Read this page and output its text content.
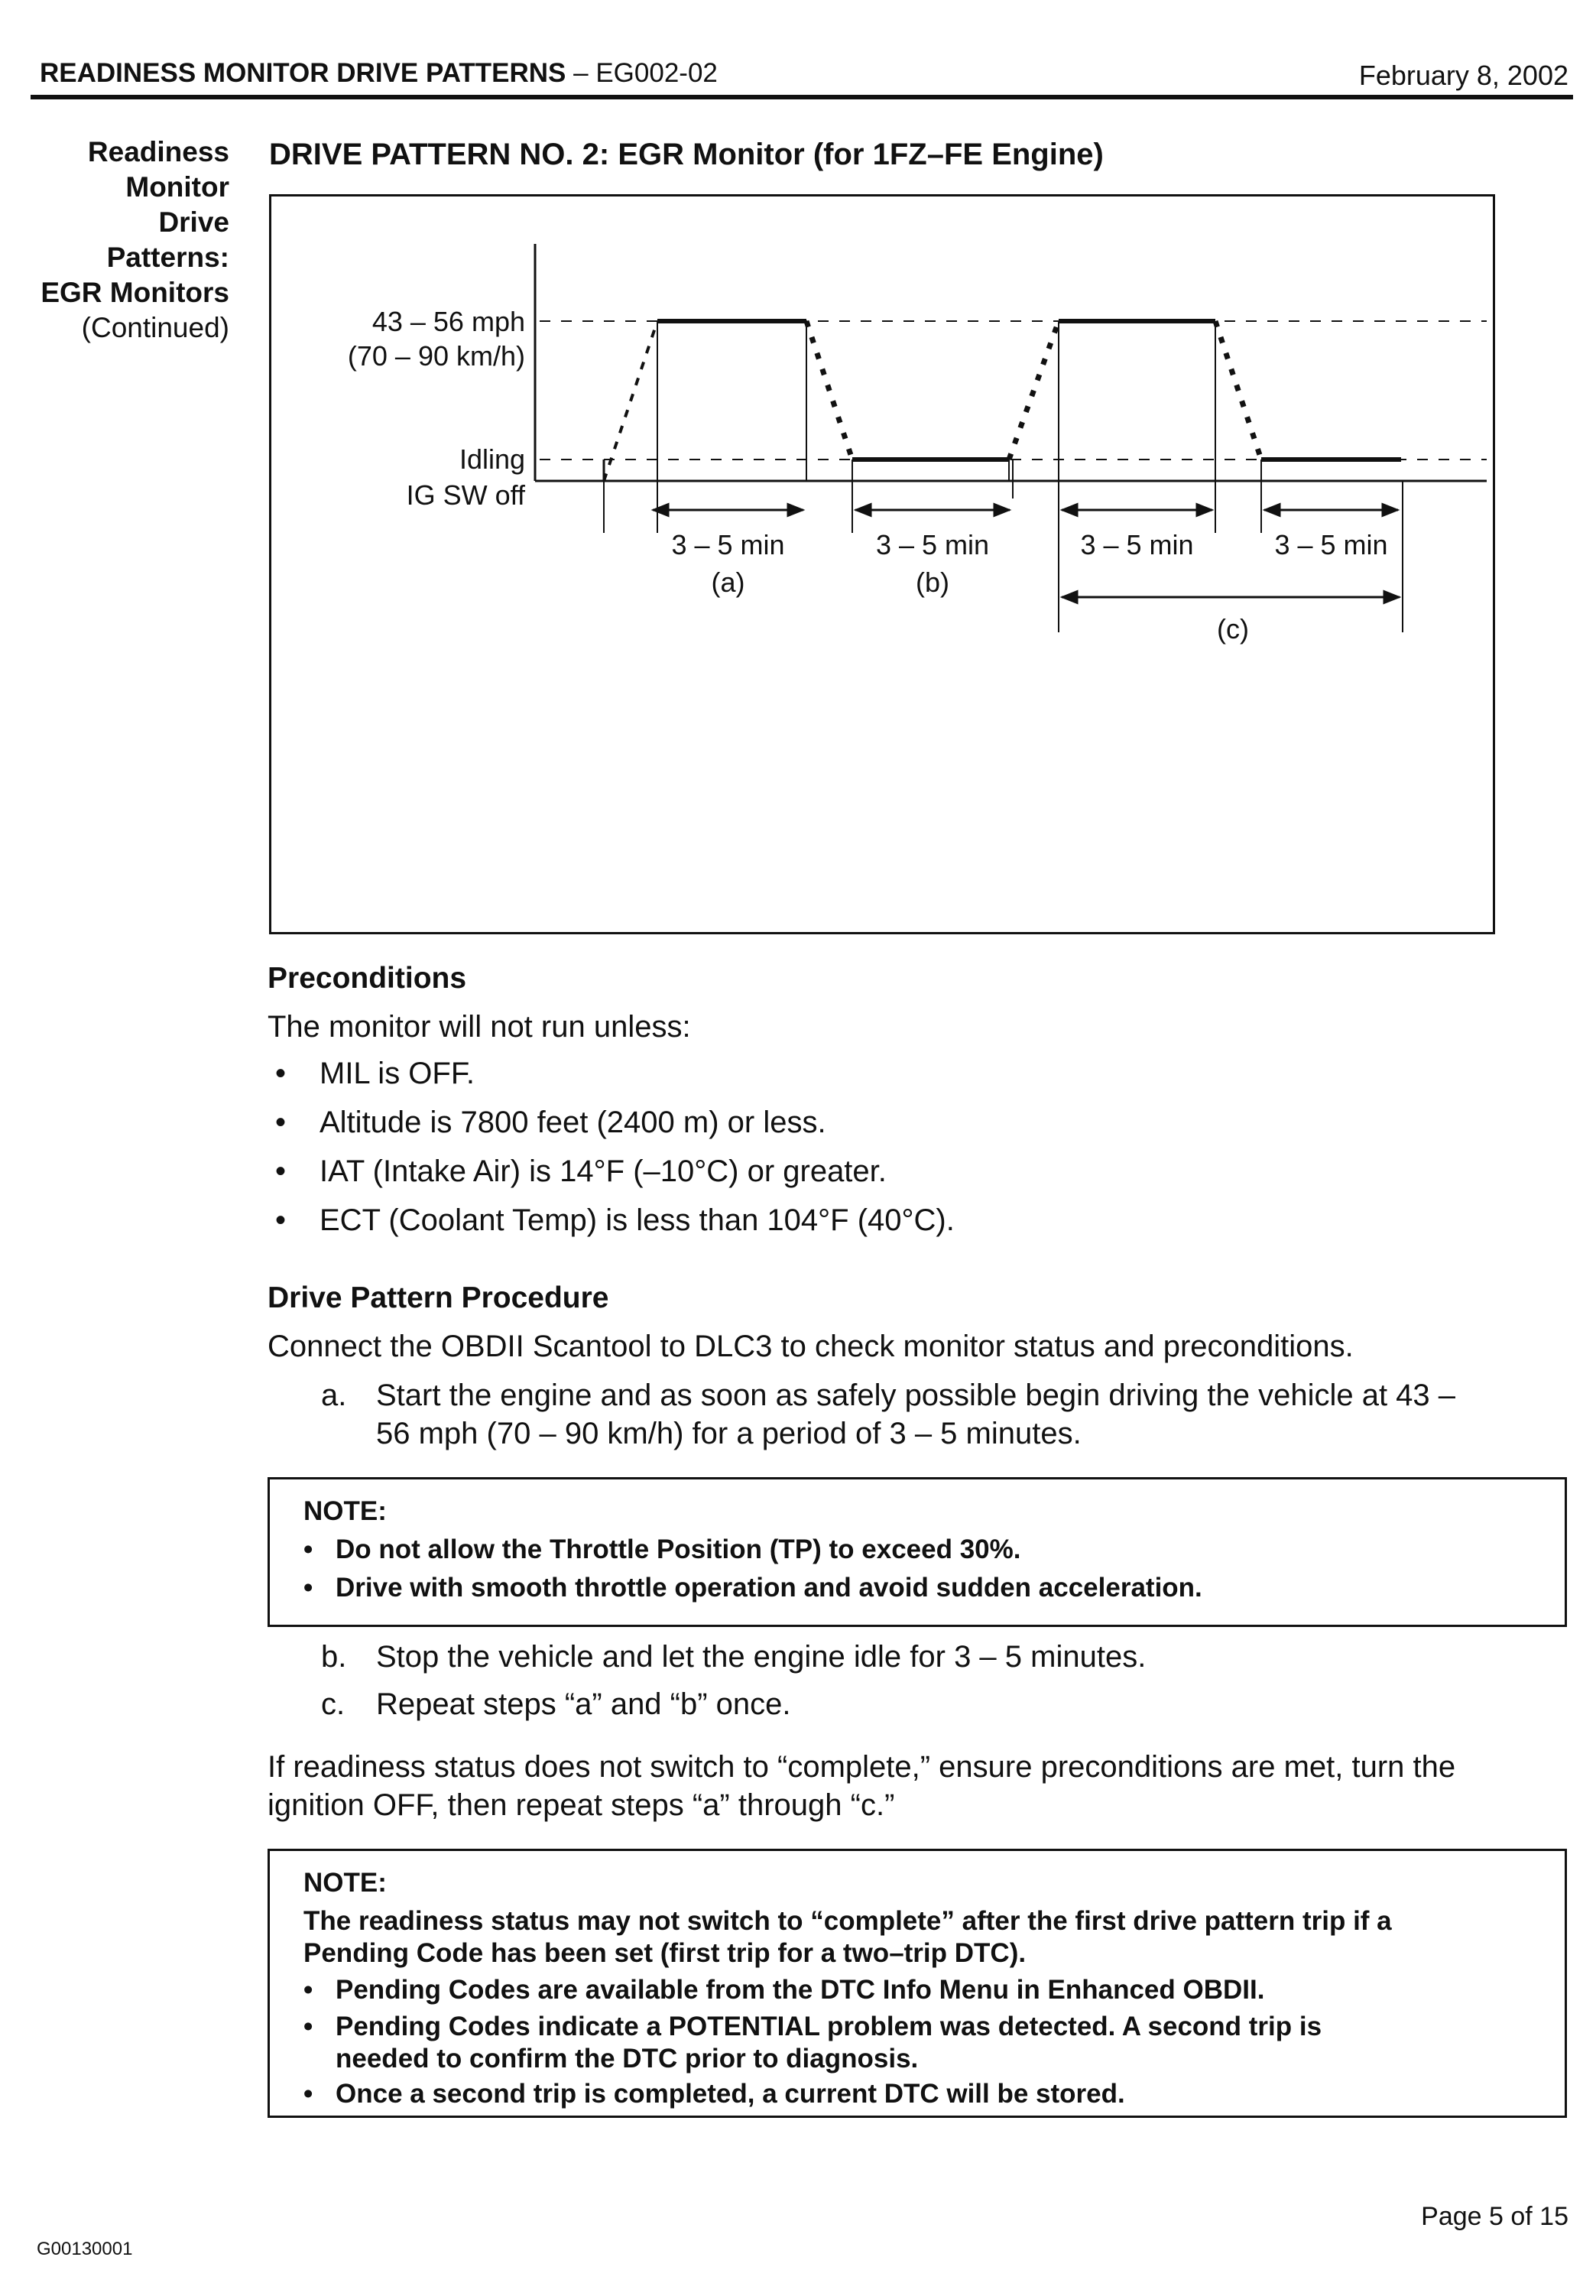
READINESS MONITOR DRIVE PATTERNS – EG002-02	February 8, 2002
Readiness
Monitor
Drive
Patterns:
EGR Monitors
(Continued)
DRIVE PATTERN NO. 2: EGR Monitor (for 1FZ–FE Engine)
43 – 56 mph
(70 – 90 km/h)
Idling
IG SW off
3 – 5 min
(a)
3 – 5 min
(b)
3 – 5 min	3 – 5 min
(c)
Preconditions
The monitor will not run unless:
• MIL is OFF.
• Altitude is 7800 feet (2400 m) or less.
• IAT (Intake Air) is 14°F (–10°C) or greater.
• ECT (Coolant Temp) is less than 104°F (40°C).
Drive Pattern Procedure
Connect the OBDII Scantool to DLC3 to check monitor status and preconditions.
a. Start the engine and as soon as safely possible begin driving the vehicle at 43 –
56 mph (70 – 90 km/h) for a period of 3 – 5 minutes.
NOTE:
• Do not allow the Throttle Position (TP) to exceed 30%.
• Drive with smooth throttle operation and avoid sudden acceleration.
b. Stop the vehicle and let the engine idle for 3 – 5 minutes.
c. Repeat steps “a” and “b” once.
If readiness status does not switch to “complete,” ensure preconditions are met, turn the
ignition OFF, then repeat steps “a” through “c.”
NOTE:
The readiness status may not switch to “complete” after the first drive pattern trip if a
Pending Code has been set (first trip for a two–trip DTC).
• Pending Codes are available from the DTC Info Menu in Enhanced OBDII.
• Pending Codes indicate a POTENTIAL problem was detected. A second trip is
needed to confirm the DTC prior to diagnosis.
• Once a second trip is completed, a current DTC will be stored.
G00130001
Page 5 of 15
